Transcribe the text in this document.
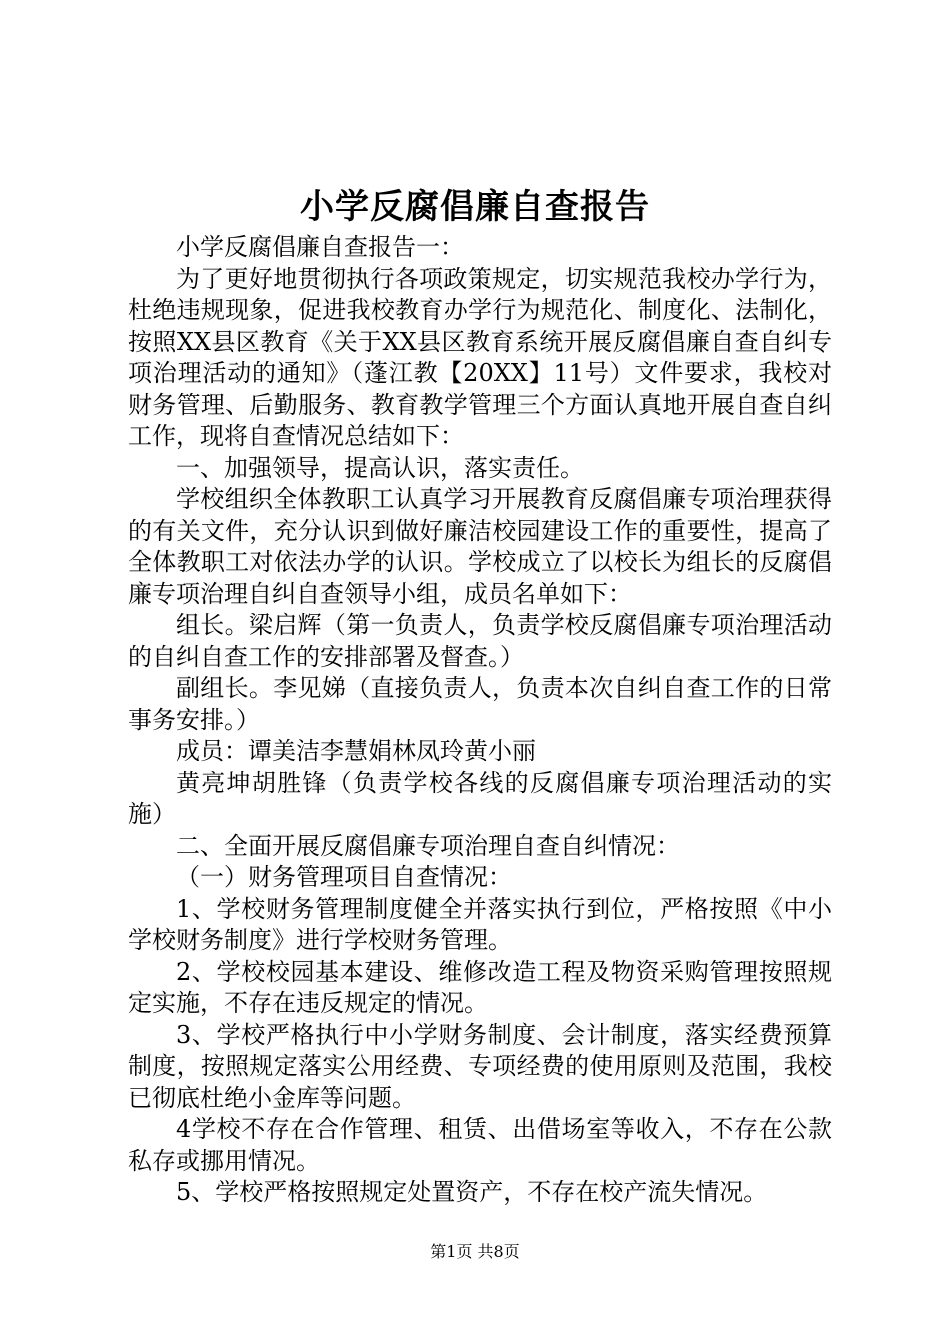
小学反腐倡廉自查报告

小学反腐倡廉自查报告一：

为了更好地贯彻执行各项政策规定，切实规范我校办学行为，杜绝违规现象，促进我校教育办学行为规范化、制度化、法制化，按照XX县区教育《关于XX县区教育系统开展反腐倡廉自查自纠专项治理活动的通知》（蓬江教【20XX】11号）文件要求，我校对财务管理、后勤服务、教育教学管理三个方面认真地开展自查自纠工作，现将自查情况总结如下：

一、加强领导，提高认识，落实责任。

学校组织全体教职工认真学习开展教育反腐倡廉专项治理获得的有关文件，充分认识到做好廉洁校园建设工作的重要性，提高了全体教职工对依法办学的认识。学校成立了以校长为组长的反腐倡廉专项治理自纠自查领导小组，成员名单如下：

组长。梁启辉（第一负责人，负责学校反腐倡廉专项治理活动的自纠自查工作的安排部署及督查。）

副组长。李见娣（直接负责人，负责本次自纠自查工作的日常事务安排。）

成员：谭美洁李慧娟林凤玲黄小丽

黄亮坤胡胜锋（负责学校各线的反腐倡廉专项治理活动的实施）

二、全面开展反腐倡廉专项治理自查自纠情况：

（一）财务管理项目自查情况：

1、学校财务管理制度健全并落实执行到位，严格按照《中小学校财务制度》进行学校财务管理。

2、学校校园基本建设、维修改造工程及物资采购管理按照规定实施，不存在违反规定的情况。

3、学校严格执行中小学财务制度、会计制度，落实经费预算制度，按照规定落实公用经费、专项经费的使用原则及范围，我校已彻底杜绝小金库等问题。

4学校不存在合作管理、租赁、出借场室等收入，不存在公款私存或挪用情况。

5、学校严格按照规定处置资产，不存在校产流失情况。

第1页 共8页
